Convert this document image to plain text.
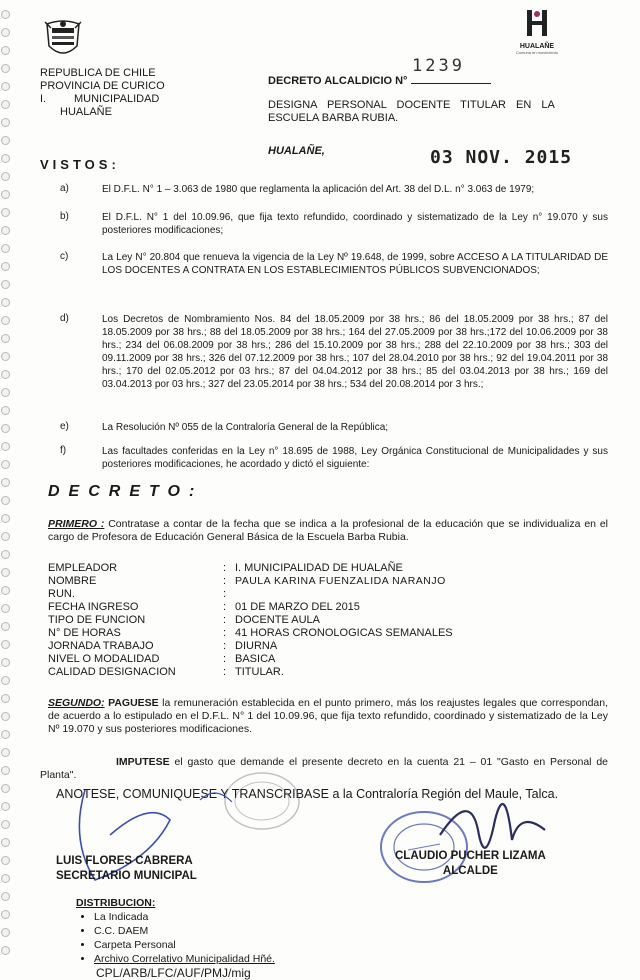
REPUBLICA DE CHILE
PROVINCIA DE CURICO
I.	MUNICIPALIDAD
HUALAÑE
HUALAÑE
Comuna en movimiento
DECRETO ALCALDICIO N°
1239
DESIGNA PERSONAL DOCENTE TITULAR EN LA
ESCUELA BARBA RUBIA.
HUALAÑE,	03 NOV. 2015
VISTOS:
a)	El D.F.L. N° 1 – 3.063 de 1980 que reglamenta la aplicación del Art. 38 del D.L. n° 3.063 de 1979;
b)	El D.F.L. N° 1 del 10.09.96, que fija texto refundido, coordinado y sistematizado de la Ley n° 19.070 y sus posteriores modificaciones;
c)	La Ley N° 20.804 que renueva la vigencia de la Ley Nº 19.648, de 1999, sobre ACCESO A LA TITULARIDAD DE LOS DOCENTES A CONTRATA EN LOS ESTABLECIMIENTOS PÚBLICOS SUBVENCIONADOS;
d)	Los Decretos de Nombramiento Nos. 84 del 18.05.2009 por 38 hrs.; 86 del 18.05.2009 por 38 hrs.; 87 del 18.05.2009 por 38 hrs.; 88 del 18.05.2009 por 38 hrs.; 164 del 27.05.2009 por 38 hrs.;172 del 10.06.2009 por 38 hrs.; 234 del 06.08.2009 por 38 hrs.; 286 del 15.10.2009 por 38 hrs.; 288 del 22.10.2009 por 38 hrs.; 303 del 09.11.2009 por 38 hrs.; 326 del 07.12.2009 por 38 hrs.; 107 del 28.04.2010 por 38 hrs.; 92 del 19.04.2011 por 38 hrs.; 170 del 02.05.2012 por 03 hrs.; 87 del 04.04.2012 por 38 hrs.; 85 del 03.04.2013 por 38 hrs.; 169 del 03.04.2013 por 03 hrs.; 327 del 23.05.2014 por 38 hrs.; 534 del 20.08.2014 por 3 hrs.;
e)	La Resolución Nº 055 de la Contraloría General de la República;
f)	Las facultades conferidas en la Ley n° 18.695 de 1988, Ley Orgánica Constitucional de Municipalidades y sus posteriores modificaciones, he acordado y dictó el siguiente:
DECRETO:
PRIMERO : Contratase a contar de la fecha que se indica a la profesional de la educación que se individualiza en el cargo de Profesora de Educación General Básica de la Escuela Barba Rubia.
EMPLEADOR	: I. MUNICIPALIDAD DE HUALAÑE
NOMBRE	: PAULA KARINA FUENZALIDA NARANJO
RUN.	:
FECHA INGRESO	: 01 DE MARZO DEL 2015
TIPO DE FUNCION	: DOCENTE AULA
N° DE HORAS	: 41 HORAS CRONOLOGICAS SEMANALES
JORNADA TRABAJO	: DIURNA
NIVEL O MODALIDAD	: BASICA
CALIDAD DESIGNACION	: TITULAR.
SEGUNDO: PAGUESE la remuneración establecida en el punto primero, más los reajustes legales que correspondan, de acuerdo a lo estipulado en el D.F.L. N° 1 del 10.09.96, que fija texto refundido, coordinado y sistematizado de la Ley Nº 19.070 y sus posteriores modificaciones.
IMPUTESE el gasto que demande el presente decreto en la cuenta 21 – 01 "Gasto en Personal de Planta".
ANOTESE, COMUNIQUESE Y TRANSCRIBASE a la Contraloría Región del Maule, Talca.
LUIS FLORES CABRERA
SECRETARIO MUNICIPAL
CLAUDIO PUCHER LIZAMA
ALCALDE
DISTRIBUCION:
• La Indicada
• C.C. DAEM
• Carpeta Personal
• Archivo Correlativo Municipalidad Hñé.
CPL/ARB/LFC/AUF/PMJ/mig
